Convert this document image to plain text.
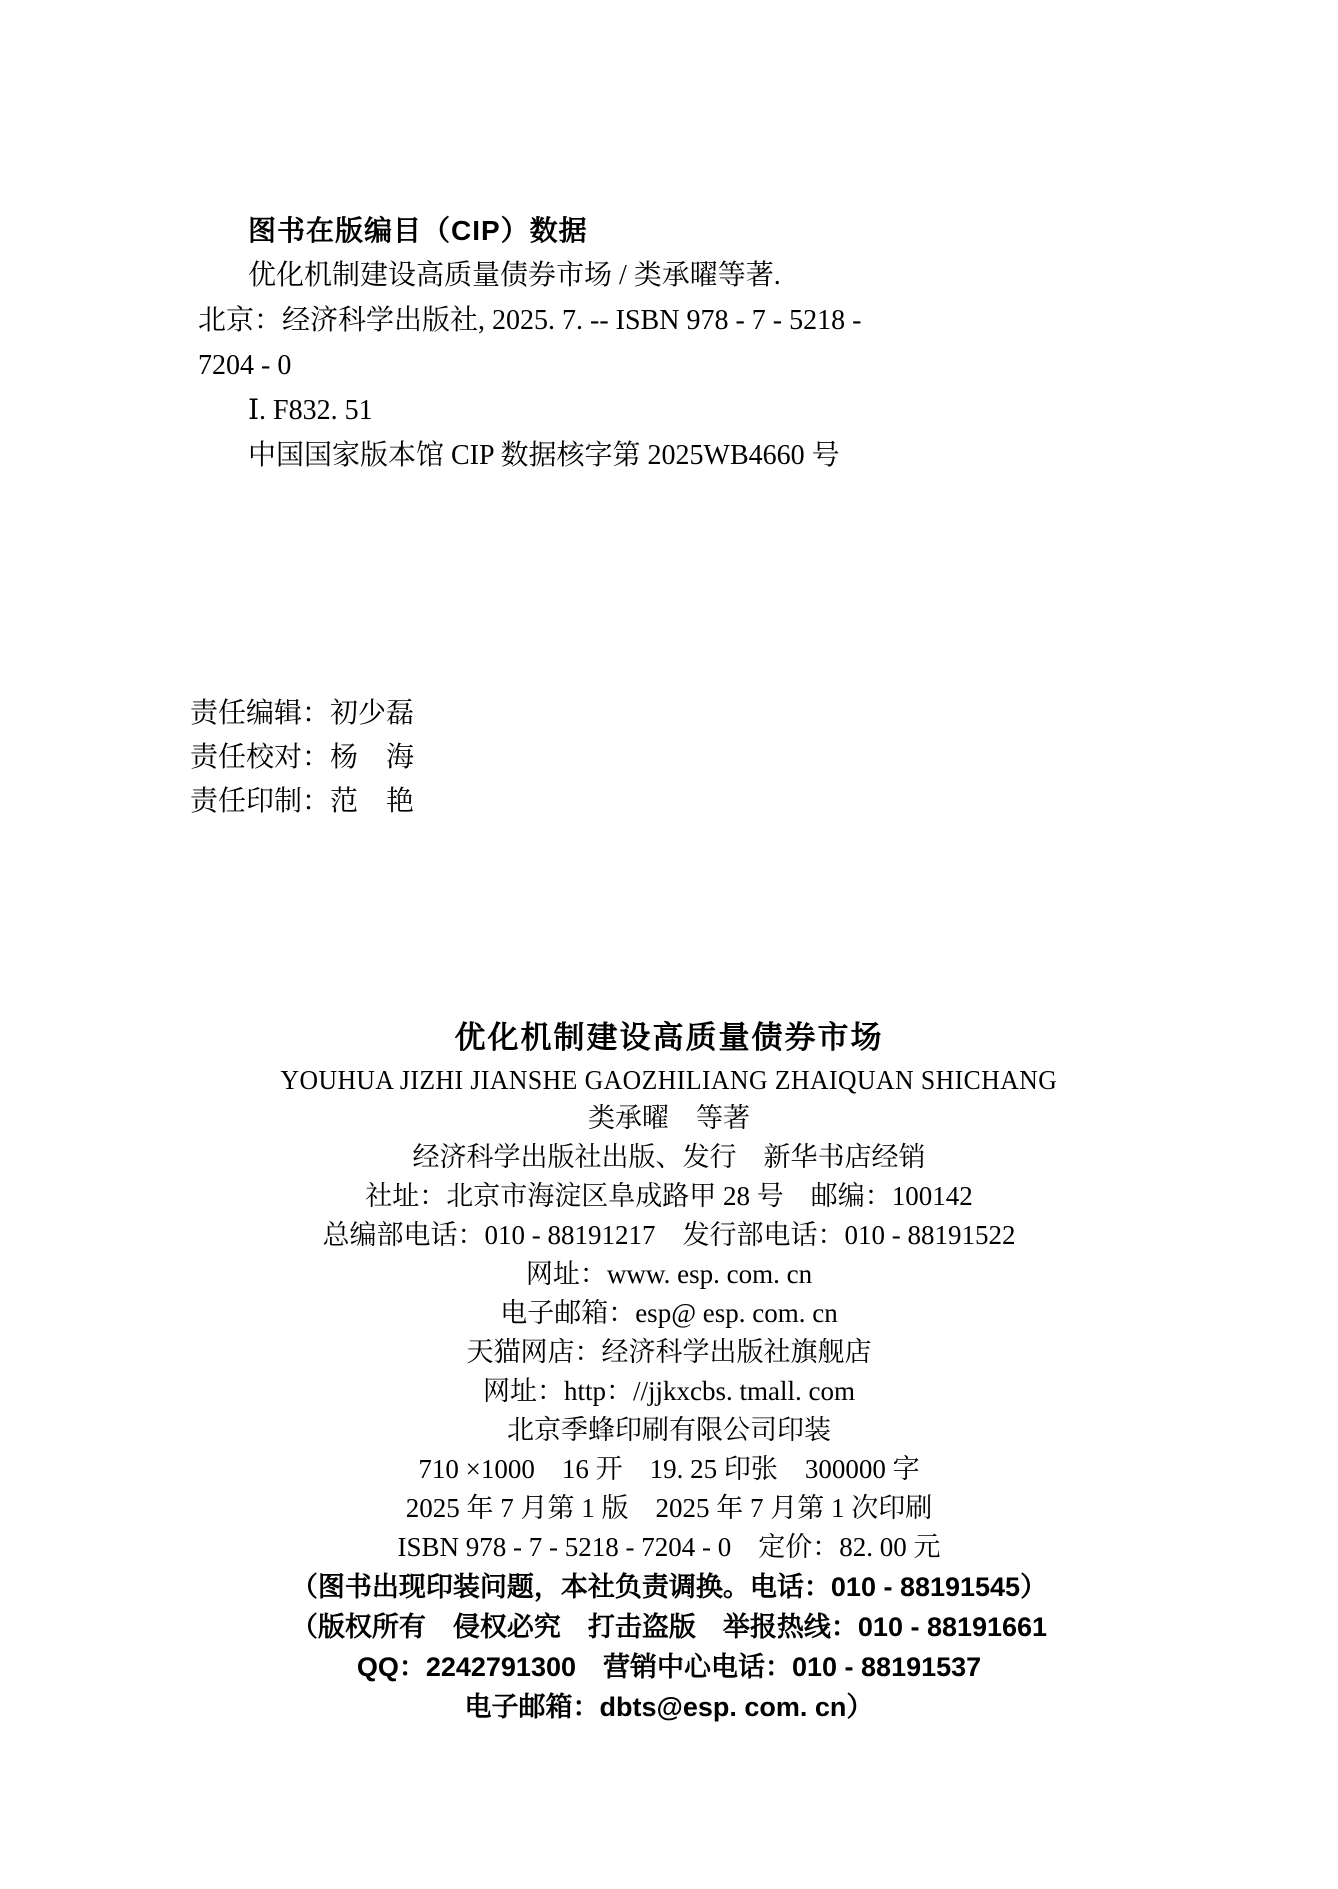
图书在版编目（CIP）数据

优化机制建设高质量债券市场 / 类承曜等著.

北京：经济科学出版社, 2025. 7. -- ISBN 978 - 7 - 5218 -

7204 - 0

Ⅰ. F832. 51

中国国家版本馆 CIP 数据核字第 2025WB4660 号

责任编辑：初少磊

责任校对：杨　海

责任印制：范　艳

优化机制建设高质量债券市场

YOUHUA JIZHI JIANSHE GAOZHILIANG ZHAIQUAN SHICHANG

类承曜　等著

经济科学出版社出版、发行　新华书店经销

社址：北京市海淀区阜成路甲 28 号　邮编：100142

总编部电话：010 - 88191217　发行部电话：010 - 88191522

网址：www. esp. com. cn

电子邮箱：esp@ esp. com. cn

天猫网店：经济科学出版社旗舰店

网址：http：//jjkxcbs. tmall. com

北京季蜂印刷有限公司印装

710 ×1000　16 开　19. 25 印张　300000 字

2025 年 7 月第 1 版　2025 年 7 月第 1 次印刷

ISBN 978 - 7 - 5218 - 7204 - 0　定价：82. 00 元

（图书出现印装问题，本社负责调换。电话：010 - 88191545）

（版权所有　侵权必究　打击盗版　举报热线：010 - 88191661

QQ：2242791300　营销中心电话：010 - 88191537

电子邮箱：dbts@esp. com. cn）
